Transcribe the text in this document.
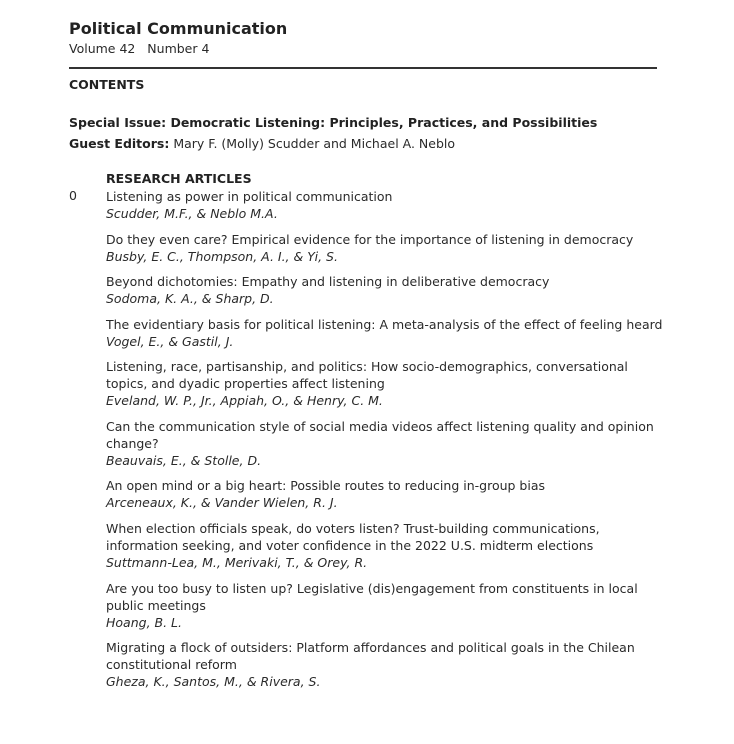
Political Communication
Volume 42   Number 4
CONTENTS
Special Issue: Democratic Listening: Principles, Practices, and Possibilities
Guest Editors: Mary F. (Molly) Scudder and Michael A. Neblo
RESEARCH ARTICLES
0 Listening as power in political communication
Scudder, M.F., & Neblo M.A.
Do they even care? Empirical evidence for the importance of listening in democracy
Busby, E. C., Thompson, A. I., & Yi, S.
Beyond dichotomies: Empathy and listening in deliberative democracy
Sodoma, K. A., & Sharp, D.
The evidentiary basis for political listening: A meta-analysis of the effect of feeling heard
Vogel, E., & Gastil, J.
Listening, race, partisanship, and politics: How socio-demographics, conversational topics, and dyadic properties affect listening
Eveland, W. P., Jr., Appiah, O., & Henry, C. M.
Can the communication style of social media videos affect listening quality and opinion change?
Beauvais, E., & Stolle, D.
An open mind or a big heart: Possible routes to reducing in-group bias
Arceneaux, K., & Vander Wielen, R. J.
When election officials speak, do voters listen? Trust-building communications, information seeking, and voter confidence in the 2022 U.S. midterm elections
Suttmann-Lea, M., Merivaki, T., & Orey, R.
Are you too busy to listen up? Legislative (dis)engagement from constituents in local public meetings
Hoang, B. L.
Migrating a flock of outsiders: Platform affordances and political goals in the Chilean constitutional reform
Gheza, K., Santos, M., & Rivera, S.
